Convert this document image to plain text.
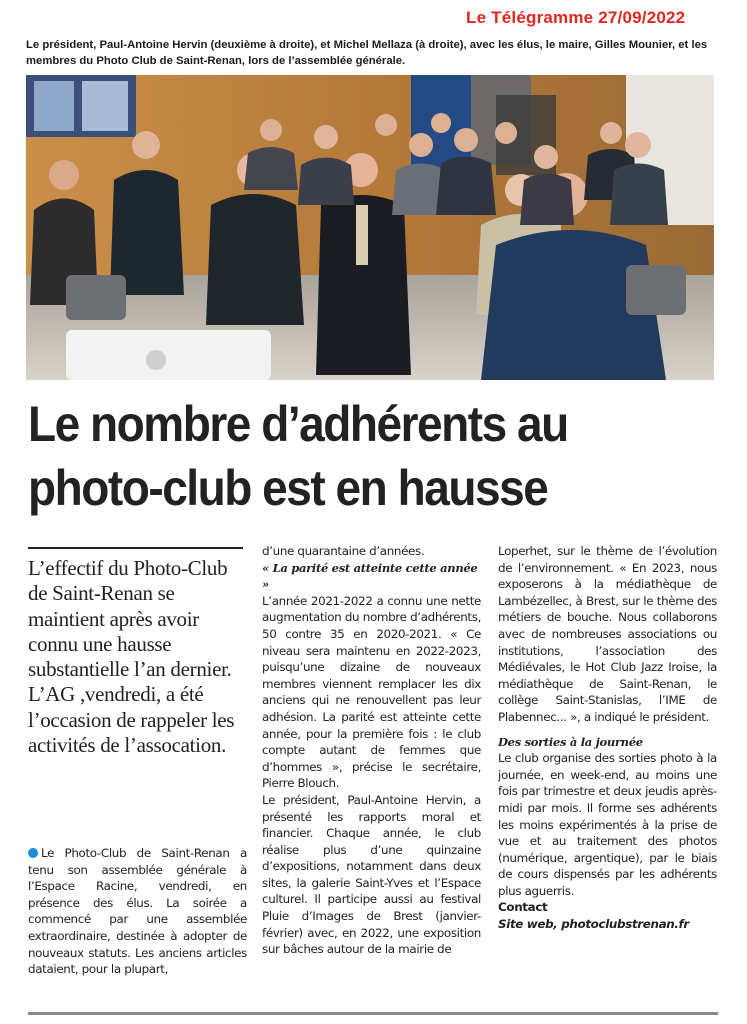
Le Télégramme 27/09/2022
Le président, Paul-Antoine Hervin (deuxième à droite), et Michel Mellaza (à droite), avec les élus, le maire, Gilles Mounier, et les membres du Photo Club de Saint-Renan, lors de l’assemblée générale.
Le nombre d’adhérents au photo-club est en hausse
L’effectif du Photo-Club de Saint-Renan se maintient après avoir connu une hausse substantielle l’an dernier. L’AG ,vendredi, a été l’occasion de rappeler les activités de l’assocation.

Le Photo-Club de Saint-Renan a tenu son assemblée générale à l’Espace Racine, vendredi, en présence des élus. La soirée a commencé par une assemblée extraordinaire, destinée à adopter de nouveaux statuts. Les anciens articles dataient, pour la plupart,

d’une quarantaine d’années.

« La parité est atteinte cette année »

L’année 2021-2022 a connu une nette augmentation du nombre d’adhérents, 50 contre 35 en 2020-2021. « Ce niveau sera maintenu en 2022-2023, puisqu’une dizaine de nouveaux membres viennent remplacer les dix anciens qui ne renouvellent pas leur adhésion. La parité est atteinte cette année, pour la première fois : le club compte autant de femmes que d’hommes », précise le secrétaire, Pierre Blouch.

Le président, Paul-Antoine Hervin, a présenté les rapports moral et financier. Chaque année, le club réalise plus d’une quinzaine d’expositions, notamment dans deux sites, la galerie Saint-Yves et l’Espace culturel. Il participe aussi au festival Pluie d’Images de Brest (janvier-février) avec, en 2022, une exposition sur bâches autour de la mairie de

Loperhet, sur le thème de l’évolution de l’environnement. « En 2023, nous exposerons à la médiathèque de Lambézellec, à Brest, sur le thème des métiers de bouche. Nous collaborons avec de nombreuses associations ou institutions, l’association des Médiévales, le Hot Club Jazz Iroise, la médiathèque de Saint-Renan, le collège Saint-Stanislas, l’IME de Plabennec... », a indiqué le président.

Des sorties à la journée

Le club organise des sorties photo à la journée, en week-end, au moins une fois par trimestre et deux jeudis après-midi par mois. Il forme ses adhérents les moins expérimentés à la prise de vue et au traitement des photos (numérique, argentique), par le biais de cours dispensés par les adhérents plus aguerris.

Contact

Site web, photoclubstrenan.fr
